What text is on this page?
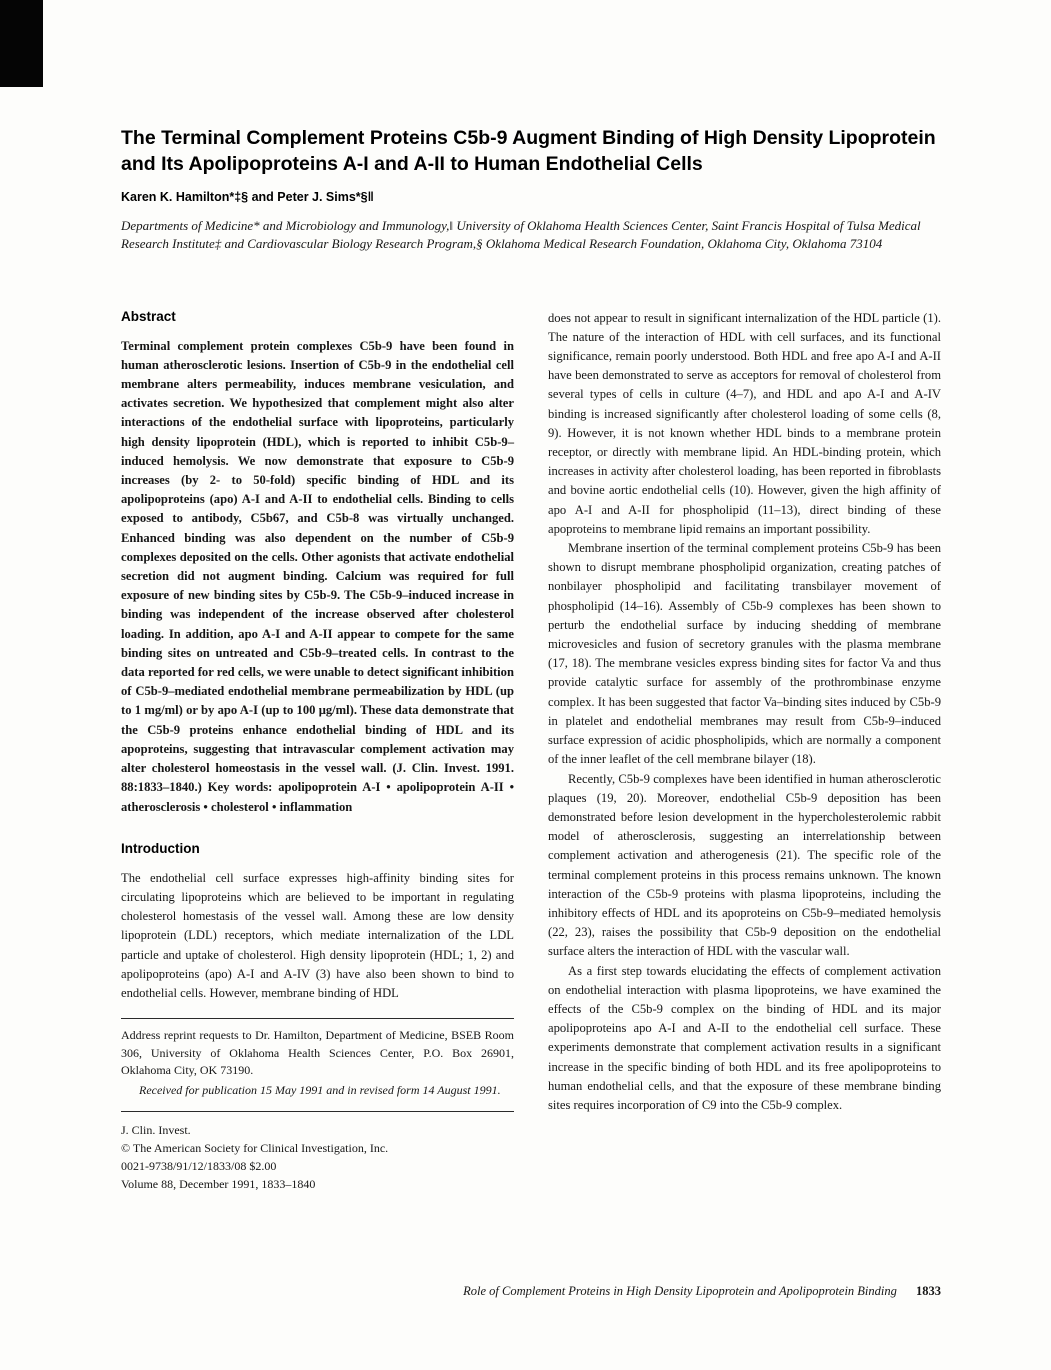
The Terminal Complement Proteins C5b-9 Augment Binding of High Density Lipoprotein and Its Apolipoproteins A-I and A-II to Human Endothelial Cells

Karen K. Hamilton*‡§ and Peter J. Sims*§‖

Departments of Medicine* and Microbiology and Immunology,‖ University of Oklahoma Health Sciences Center, Saint Francis Hospital of Tulsa Medical Research Institute‡ and Cardiovascular Biology Research Program,§ Oklahoma Medical Research Foundation, Oklahoma City, Oklahoma 73104

Abstract

Terminal complement protein complexes C5b-9 have been found in human atherosclerotic lesions. Insertion of C5b-9 in the endothelial cell membrane alters permeability, induces membrane vesiculation, and activates secretion. We hypothesized that complement might also alter interactions of the endothelial surface with lipoproteins, particularly high density lipoprotein (HDL), which is reported to inhibit C5b-9–induced hemolysis. We now demonstrate that exposure to C5b-9 increases (by 2- to 50-fold) specific binding of HDL and its apolipoproteins (apo) A-I and A-II to endothelial cells. Binding to cells exposed to antibody, C5b67, and C5b-8 was virtually unchanged. Enhanced binding was also dependent on the number of C5b-9 complexes deposited on the cells. Other agonists that activate endothelial secretion did not augment binding. Calcium was required for full exposure of new binding sites by C5b-9. The C5b-9–induced increase in binding was independent of the increase observed after cholesterol loading. In addition, apo A-I and A-II appear to compete for the same binding sites on untreated and C5b-9–treated cells. In contrast to the data reported for red cells, we were unable to detect significant inhibition of C5b-9–mediated endothelial membrane permeabilization by HDL (up to 1 mg/ml) or by apo A-I (up to 100 μg/ml). These data demonstrate that the C5b-9 proteins enhance endothelial binding of HDL and its apoproteins, suggesting that intravascular complement activation may alter cholesterol homeostasis in the vessel wall. (J. Clin. Invest. 1991. 88:1833–1840.) Key words: apolipoprotein A-I • apolipoprotein A-II • atherosclerosis • cholesterol • inflammation

Introduction

The endothelial cell surface expresses high-affinity binding sites for circulating lipoproteins which are believed to be important in regulating cholesterol homestasis of the vessel wall. Among these are low density lipoprotein (LDL) receptors, which mediate internalization of the LDL particle and uptake of cholesterol. High density lipoprotein (HDL; 1, 2) and apolipoproteins (apo) A-I and A-IV (3) have also been shown to bind to endothelial cells. However, membrane binding of HDL

Address reprint requests to Dr. Hamilton, Department of Medicine, BSEB Room 306, University of Oklahoma Health Sciences Center, P.O. Box 26901, Oklahoma City, OK 73190.

Received for publication 15 May 1991 and in revised form 14 August 1991.

J. Clin. Invest.

© The American Society for Clinical Investigation, Inc.

0021-9738/91/12/1833/08 $2.00

Volume 88, December 1991, 1833–1840

does not appear to result in significant internalization of the HDL particle (1). The nature of the interaction of HDL with cell surfaces, and its functional significance, remain poorly understood. Both HDL and free apo A-I and A-II have been demonstrated to serve as acceptors for removal of cholesterol from several types of cells in culture (4–7), and HDL and apo A-I and A-IV binding is increased significantly after cholesterol loading of some cells (8, 9). However, it is not known whether HDL binds to a membrane protein receptor, or directly with membrane lipid. An HDL-binding protein, which increases in activity after cholesterol loading, has been reported in fibroblasts and bovine aortic endothelial cells (10). However, given the high affinity of apo A-I and A-II for phospholipid (11–13), direct binding of these apoproteins to membrane lipid remains an important possibility.

Membrane insertion of the terminal complement proteins C5b-9 has been shown to disrupt membrane phospholipid organization, creating patches of nonbilayer phospholipid and facilitating transbilayer movement of phospholipid (14–16). Assembly of C5b-9 complexes has been shown to perturb the endothelial surface by inducing shedding of membrane microvesicles and fusion of secretory granules with the plasma membrane (17, 18). The membrane vesicles express binding sites for factor Va and thus provide catalytic surface for assembly of the prothrombinase enzyme complex. It has been suggested that factor Va–binding sites induced by C5b-9 in platelet and endothelial membranes may result from C5b-9–induced surface expression of acidic phospholipids, which are normally a component of the inner leaflet of the cell membrane bilayer (18).

Recently, C5b-9 complexes have been identified in human atherosclerotic plaques (19, 20). Moreover, endothelial C5b-9 deposition has been demonstrated before lesion development in the hypercholesterolemic rabbit model of atherosclerosis, suggesting an interrelationship between complement activation and atherogenesis (21). The specific role of the terminal complement proteins in this process remains unknown. The known interaction of the C5b-9 proteins with plasma lipoproteins, including the inhibitory effects of HDL and its apoproteins on C5b-9–mediated hemolysis (22, 23), raises the possibility that C5b-9 deposition on the endothelial surface alters the interaction of HDL with the vascular wall.

As a first step towards elucidating the effects of complement activation on endothelial interaction with plasma lipoproteins, we have examined the effects of the C5b-9 complex on the binding of HDL and its major apolipoproteins apo A-I and A-II to the endothelial cell surface. These experiments demonstrate that complement activation results in a significant increase in the specific binding of both HDL and its free apolipoproteins to human endothelial cells, and that the exposure of these membrane binding sites requires incorporation of C9 into the C5b-9 complex.

Role of Complement Proteins in High Density Lipoprotein and Apolipoprotein Binding 1833
